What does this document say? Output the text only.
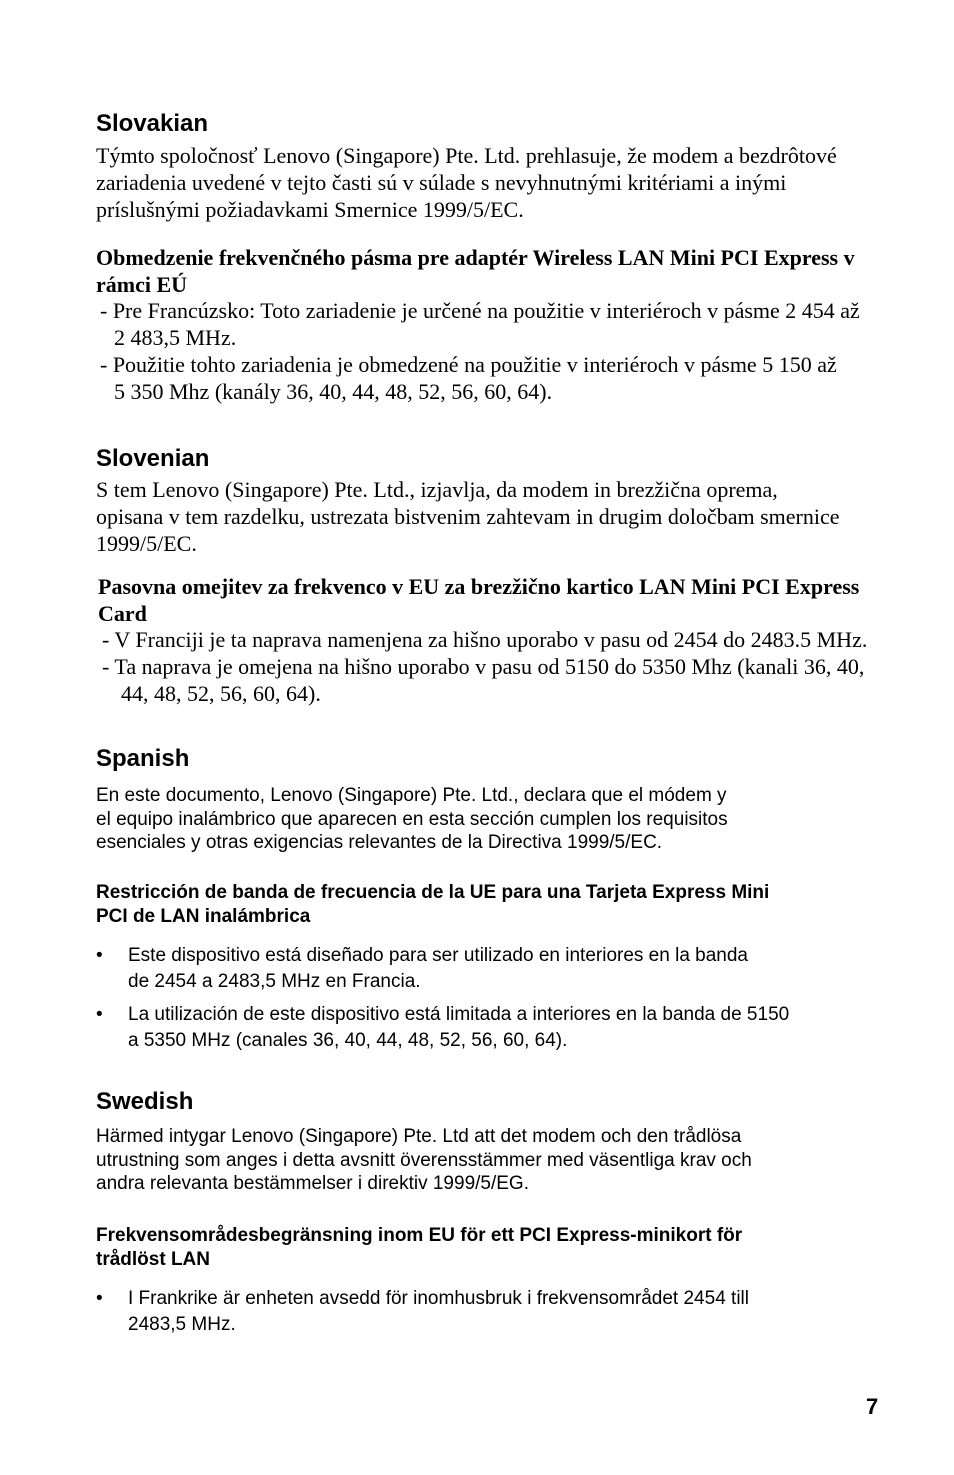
Slovakian
Týmto spoločnosť Lenovo (Singapore) Pte. Ltd. prehlasuje, že modem a bezdrôtové
zariadenia uvedené v tejto časti sú v súlade s nevyhnutnými kritériami a inými
príslušnými požiadavkami Smernice 1999/5/EC.
Obmedzenie frekvenčného pásma pre adaptér Wireless LAN Mini PCI Express v
rámci EÚ
- Pre Francúzsko: Toto zariadenie je určené na použitie v interiéroch v pásme 2 454 až
2 483,5 MHz.
- Použitie tohto zariadenia je obmedzené na použitie v interiéroch v pásme 5 150 až
5 350 Mhz (kanály 36, 40, 44, 48, 52, 56, 60, 64).
Slovenian
S tem Lenovo (Singapore) Pte. Ltd., izjavlja, da modem in brezžična oprema,
opisana v tem razdelku, ustrezata bistvenim zahtevam in drugim določbam smernice
1999/5/EC.
Pasovna omejitev za frekvenco v EU za brezžično kartico LAN Mini PCI Express
Card
- V Franciji je ta naprava namenjena za hišno uporabo v pasu od 2454 do 2483.5 MHz.
- Ta naprava je omejena na hišno uporabo v pasu od 5150 do 5350 Mhz (kanali 36, 40,
44, 48, 52, 56, 60, 64).
Spanish
En este documento, Lenovo (Singapore) Pte. Ltd., declara que el módem y
el equipo inalámbrico que aparecen en esta sección cumplen los requisitos
esenciales y otras exigencias relevantes de la Directiva 1999/5/EC.
Restricción de banda de frecuencia de la UE para una Tarjeta Express Mini
PCI de LAN inalámbrica
• Este dispositivo está diseñado para ser utilizado en interiores en la banda
de 2454 a 2483,5 MHz en Francia.
• La utilización de este dispositivo está limitada a interiores en la banda de 5150
a 5350 MHz (canales 36, 40, 44, 48, 52, 56, 60, 64).
Swedish
Härmed intygar Lenovo (Singapore) Pte. Ltd att det modem och den trådlösa
utrustning som anges i detta avsnitt överensstämmer med väsentliga krav och
andra relevanta bestämmelser i direktiv 1999/5/EG.
Frekvensområdesbegränsning inom EU för ett PCI Express-minikort för
trådlöst LAN
• I Frankrike är enheten avsedd för inomhusbruk i frekvensområdet 2454 till
2483,5 MHz.
7
